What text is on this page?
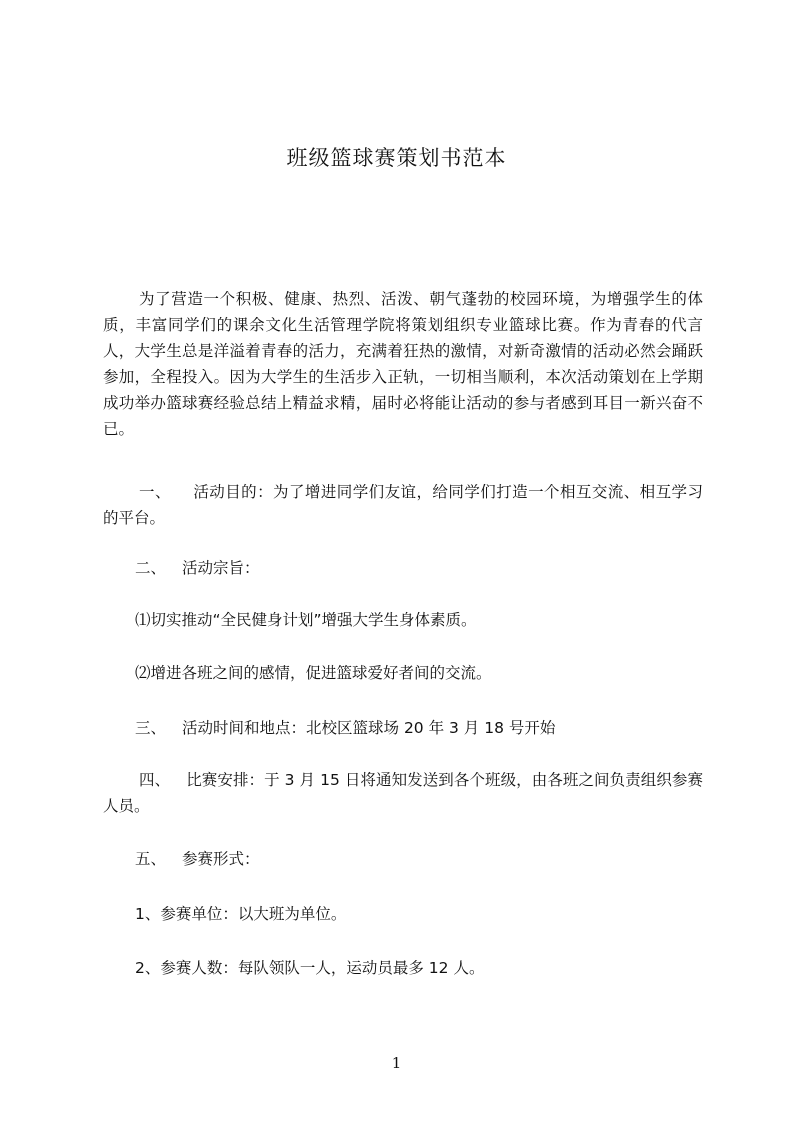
班级篮球赛策划书范本
为了营造一个积极、健康、热烈、活泼、朝气蓬勃的校园环境，为增强学生的体质，丰富同学们的课余文化生活管理学院将策划组织专业篮球比赛。作为青春的代言人，大学生总是洋溢着青春的活力，充满着狂热的激情，对新奇激情的活动必然会踊跃参加，全程投入。因为大学生的生活步入正轨，一切相当顺利，本次活动策划在上学期成功举办篮球赛经验总结上精益求精，届时必将能让活动的参与者感到耳目一新兴奋不已。
一、 活动目的：为了增进同学们友谊，给同学们打造一个相互交流、相互学习的平台。
二、 活动宗旨：
⑴切实推动“全民健身计划”增强大学生身体素质。
⑵增进各班之间的感情，促进篮球爱好者间的交流。
三、 活动时间和地点：北校区篮球场 20 年 3 月 18 号开始
四、 比赛安排：于 3 月 15 日将通知发送到各个班级，由各班之间负责组织参赛人员。
五、 参赛形式：
1、参赛单位：以大班为单位。
2、参赛人数：每队领队一人，运动员最多 12 人。
1
